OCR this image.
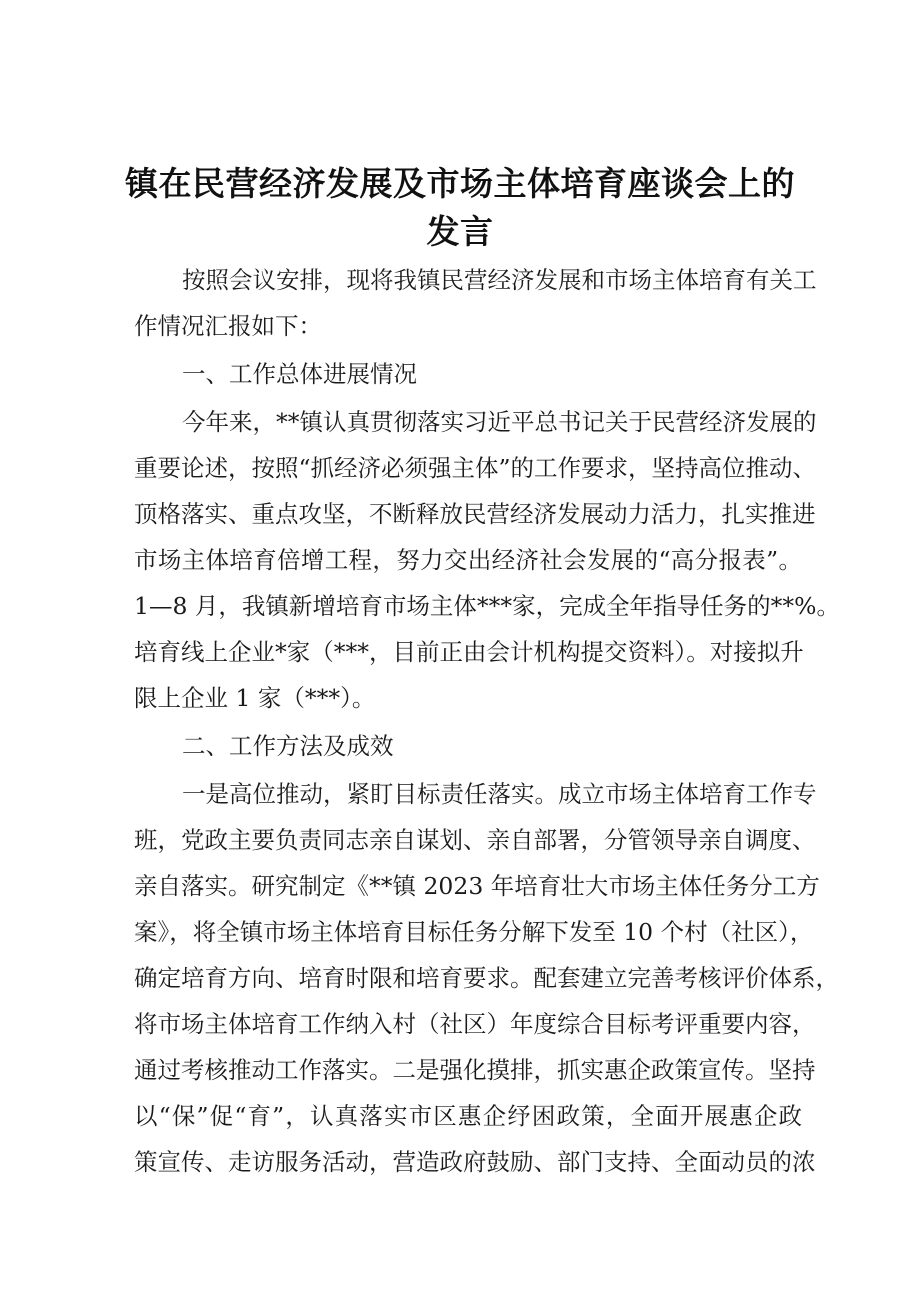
镇在民营经济发展及市场主体培育座谈会上的
发言
按照会议安排，现将我镇民营经济发展和市场主体培育有关工
作情况汇报如下：
一、工作总体进展情况
今年来，**镇认真贯彻落实习近平总书记关于民营经济发展的
重要论述，按照“抓经济必须强主体”的工作要求，坚持高位推动、
顶格落实、重点攻坚，不断释放民营经济发展动力活力，扎实推进
市场主体培育倍增工程，努力交出经济社会发展的“高分报表”。
1—8 月，我镇新增培育市场主体***家，完成全年指导任务的**%。
培育线上企业*家（***，目前正由会计机构提交资料）。对接拟升
限上企业 1 家（***）。
二、工作方法及成效
一是高位推动，紧盯目标责任落实。成立市场主体培育工作专
班，党政主要负责同志亲自谋划、亲自部署，分管领导亲自调度、
亲自落实。研究制定《**镇 2023 年培育壮大市场主体任务分工方
案》，将全镇市场主体培育目标任务分解下发至 10 个村（社区），
确定培育方向、培育时限和培育要求。配套建立完善考核评价体系，
将市场主体培育工作纳入村（社区）年度综合目标考评重要内容，
通过考核推动工作落实。二是强化摸排，抓实惠企政策宣传。坚持
以“保”促“育”，认真落实市区惠企纾困政策，全面开展惠企政
策宣传、走访服务活动，营造政府鼓励、部门支持、全面动员的浓
